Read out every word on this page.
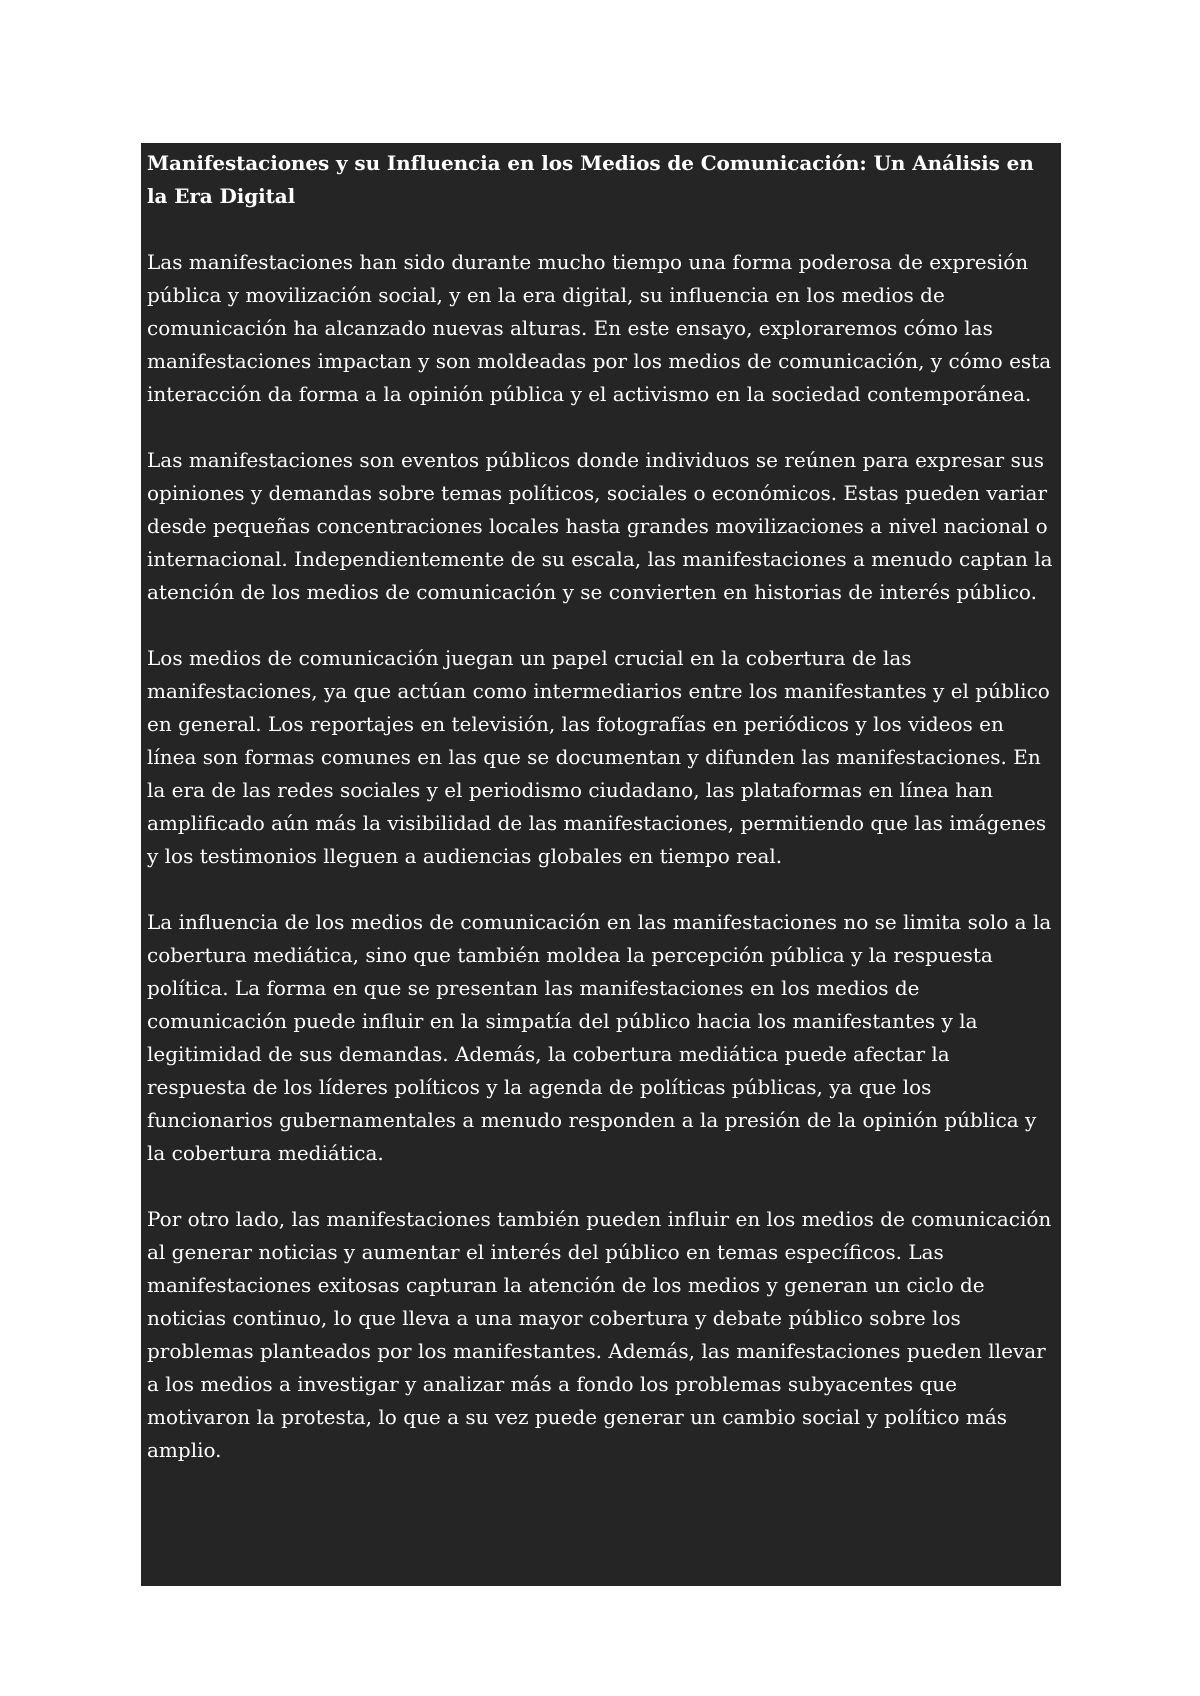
Manifestaciones y su Influencia en los Medios de Comunicación: Un Análisis en la Era Digital

Las manifestaciones han sido durante mucho tiempo una forma poderosa de expresión pública y movilización social, y en la era digital, su influencia en los medios de comunicación ha alcanzado nuevas alturas. En este ensayo, exploraremos cómo las manifestaciones impactan y son moldeadas por los medios de comunicación, y cómo esta interacción da forma a la opinión pública y el activismo en la sociedad contemporánea.

Las manifestaciones son eventos públicos donde individuos se reúnen para expresar sus opiniones y demandas sobre temas políticos, sociales o económicos. Estas pueden variar desde pequeñas concentraciones locales hasta grandes movilizaciones a nivel nacional o internacional. Independientemente de su escala, las manifestaciones a menudo captan la atención de los medios de comunicación y se convierten en historias de interés público.

Los medios de comunicación juegan un papel crucial en la cobertura de las manifestaciones, ya que actúan como intermediarios entre los manifestantes y el público en general. Los reportajes en televisión, las fotografías en periódicos y los videos en línea son formas comunes en las que se documentan y difunden las manifestaciones. En la era de las redes sociales y el periodismo ciudadano, las plataformas en línea han amplificado aún más la visibilidad de las manifestaciones, permitiendo que las imágenes y los testimonios lleguen a audiencias globales en tiempo real.

La influencia de los medios de comunicación en las manifestaciones no se limita solo a la cobertura mediática, sino que también moldea la percepción pública y la respuesta política. La forma en que se presentan las manifestaciones en los medios de comunicación puede influir en la simpatía del público hacia los manifestantes y la legitimidad de sus demandas. Además, la cobertura mediática puede afectar la respuesta de los líderes políticos y la agenda de políticas públicas, ya que los funcionarios gubernamentales a menudo responden a la presión de la opinión pública y la cobertura mediática.

Por otro lado, las manifestaciones también pueden influir en los medios de comunicación al generar noticias y aumentar el interés del público en temas específicos. Las manifestaciones exitosas capturan la atención de los medios y generan un ciclo de noticias continuo, lo que lleva a una mayor cobertura y debate público sobre los problemas planteados por los manifestantes. Además, las manifestaciones pueden llevar a los medios a investigar y analizar más a fondo los problemas subyacentes que motivaron la protesta, lo que a su vez puede generar un cambio social y político más amplio.
